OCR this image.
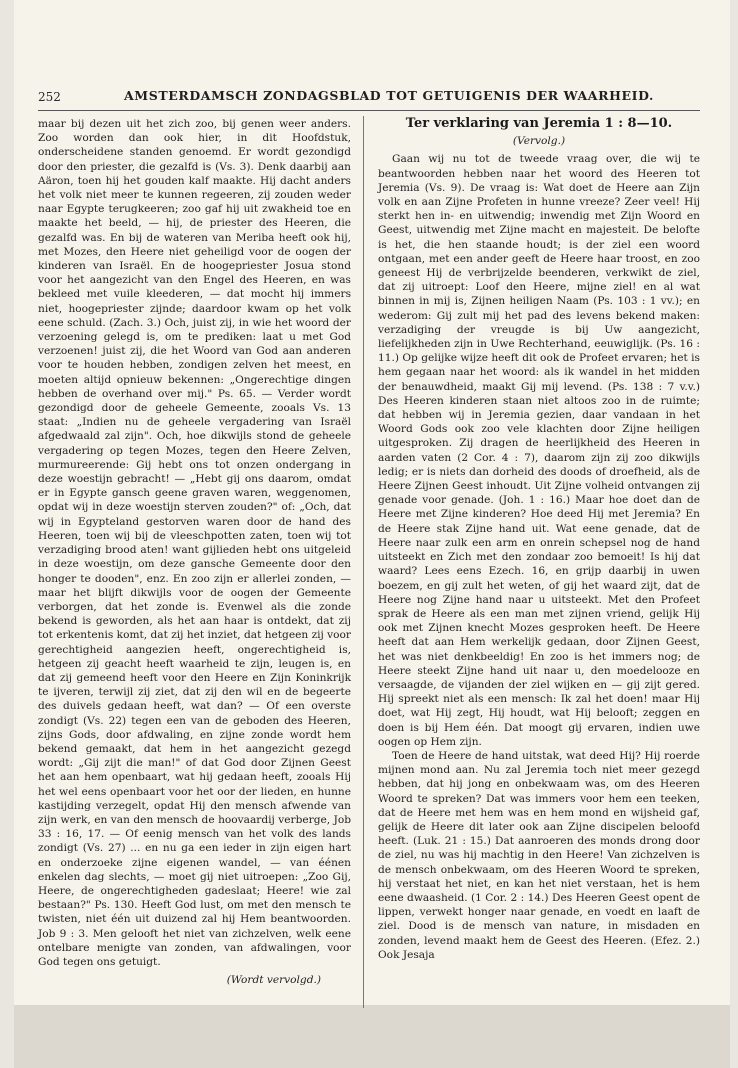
252	AMSTERDAMSCH ZONDAGSBLAD TOT GETUIGENIS DER WAARHEID.

maar bij dezen uit het zich zoo, bij genen weer anders. Zoo worden dan ook hier, in dit Hoofdstuk, onderscheidene standen genoemd. Er wordt gezondigd door den priester, die gezalfd is (Vs. 3). Denk daarbij aan Aäron, toen hij het gouden kalf maakte. Hij dacht anders het volk niet meer te kunnen regeeren, zij zouden weder naar Egypte terugkeeren; zoo gaf hij uit zwakheid toe en maakte het beeld, — hij, de priester des Heeren, die gezalfd was. En bij de wateren van Meriba heeft ook hij, met Mozes, den Heere niet geheiligd voor de oogen der kinderen van Israël. En de hoogepriester Josua stond voor het aangezicht van den Engel des Heeren, en was bekleed met vuile kleederen, — dat mocht hij immers niet, hoogepriester zijnde; daardoor kwam op het volk eene schuld. (Zach. 3.) Och, juist zij, in wie het woord der verzoening gelegd is, om te prediken: laat u met God verzoenen! juist zij, die het Woord van God aan anderen voor te houden hebben, zondigen zelven het meest, en moeten altijd opnieuw bekennen: „Ongerechtige dingen hebben de overhand over mij." Ps. 65. — Verder wordt gezondigd door de geheele Gemeente, zooals Vs. 13 staat: „Indien nu de geheele vergadering van Israël afgedwaald zal zijn". Och, hoe dikwijls stond de geheele vergadering op tegen Mozes, tegen den Heere Zelven, murmureerende: Gij hebt ons tot onzen ondergang in deze woestijn gebracht! — „Hebt gij ons daarom, omdat er in Egypte gansch geene graven waren, weggenomen, opdat wij in deze woestijn sterven zouden?" of: „Och, dat wij in Egypteland gestorven waren door de hand des Heeren, toen wij bij de vleeschpotten zaten, toen wij tot verzadiging brood aten! want gijlieden hebt ons uitgeleid in deze woestijn, om deze gansche Gemeente door den honger te dooden", enz. En zoo zijn er allerlei zonden, — maar het blijft dikwijls voor de oogen der Gemeente verborgen, dat het zonde is. Evenwel als die zonde bekend is geworden, als het aan haar is ontdekt, dat zij tot erkentenis komt, dat zij het inziet, dat hetgeen zij voor gerechtigheid aangezien heeft, ongerechtigheid is, hetgeen zij geacht heeft waarheid te zijn, leugen is, en dat zij gemeend heeft voor den Heere en Zijn Koninkrijk te ijveren, terwijl zij ziet, dat zij den wil en de begeerte des duivels gedaan heeft, wat dan? — Of een overste zondigt (Vs. 22) tegen een van de geboden des Heeren, zijns Gods, door afdwaling, en zijne zonde wordt hem bekend gemaakt, dat hem in het aangezicht gezegd wordt: „Gij zijt die man!" of dat God door Zijnen Geest het aan hem openbaart, wat hij gedaan heeft, zooals Hij het wel eens openbaart voor het oor der lieden, en hunne kastijding verzegelt, opdat Hij den mensch afwende van zijn werk, en van den mensch de hoovaardij verberge, Job 33 : 16, 17. — Of eenig mensch van het volk des lands zondigt (Vs. 27) ... en nu ga een ieder in zijn eigen hart en onderzoeke zijne eigenen wandel, — van éénen enkelen dag slechts, — moet gij niet uitroepen: „Zoo Gij, Heere, de ongerechtigheden gadeslaat; Heere! wie zal bestaan?" Ps. 130. Heeft God lust, om met den mensch te twisten, niet één uit duizend zal hij Hem beantwoorden. Job 9 : 3. Men gelooft het niet van zichzelven, welk eene ontelbare menigte van zonden, van afdwalingen, voor God tegen ons getuigt.

(Wordt vervolgd.)

Ter verklaring van Jeremia 1 : 8—10.

(Vervolg.)

Gaan wij nu tot de tweede vraag over, die wij te beantwoorden hebben naar het woord des Heeren tot Jeremia (Vs. 9). De vraag is: Wat doet de Heere aan Zijn volk en aan Zijne Profeten in hunne vreeze? Zeer veel! Hij sterkt hen in- en uitwendig; inwendig met Zijn Woord en Geest, uitwendig met Zijne macht en majesteit. De belofte is het, die hen staande houdt; is der ziel een woord ontgaan, met een ander geeft de Heere haar troost, en zoo geneest Hij de verbrijzelde beenderen, verkwikt de ziel, dat zij uitroept: Loof den Heere, mijne ziel! en al wat binnen in mij is, Zijnen heiligen Naam (Ps. 103 : 1 vv.); en wederom: Gij zult mij het pad des levens bekend maken: verzadiging der vreugde is bij Uw aangezicht, liefelijkheden zijn in Uwe Rechterhand, eeuwiglijk. (Ps. 16 : 11.) Op gelijke wijze heeft dit ook de Profeet ervaren; het is hem gegaan naar het woord: als ik wandel in het midden der benauwdheid, maakt Gij mij levend. (Ps. 138 : 7 v.v.) Des Heeren kinderen staan niet altoos zoo in de ruimte; dat hebben wij in Jeremia gezien, daar vandaan in het Woord Gods ook zoo vele klachten door Zijne heiligen uitgesproken. Zij dragen de heerlijkheid des Heeren in aarden vaten (2 Cor. 4 : 7), daarom zijn zij zoo dikwijls ledig; er is niets dan dorheid des doods of droefheid, als de Heere Zijnen Geest inhoudt. Uit Zijne volheid ontvangen zij genade voor genade. (Joh. 1 : 16.) Maar hoe doet dan de Heere met Zijne kinderen? Hoe deed Hij met Jeremia? En de Heere stak Zijne hand uit. Wat eene genade, dat de Heere naar zulk een arm en onrein schepsel nog de hand uitsteekt en Zich met den zondaar zoo bemoeit! Is hij dat waard? Lees eens Ezech. 16, en grijp daarbij in uwen boezem, en gij zult het weten, of gij het waard zijt, dat de Heere nog Zijne hand naar u uitsteekt. Met den Profeet sprak de Heere als een man met zijnen vriend, gelijk Hij ook met Zijnen knecht Mozes gesproken heeft. De Heere heeft dat aan Hem werkelijk gedaan, door Zijnen Geest, het was niet denkbeeldig! En zoo is het immers nog; de Heere steekt Zijne hand uit naar u, den moedelooze en versaagde, de vijanden der ziel wijken en — gij zijt gered. Hij spreekt niet als een mensch: Ik zal het doen! maar Hij doet, wat Hij zegt, Hij houdt, wat Hij belooft; zeggen en doen is bij Hem één. Dat moogt gij ervaren, indien uwe oogen op Hem zijn.

Toen de Heere de hand uitstak, wat deed Hij? Hij roerde mijnen mond aan. Nu zal Jeremia toch niet meer gezegd hebben, dat hij jong en onbekwaam was, om des Heeren Woord te spreken? Dat was immers voor hem een teeken, dat de Heere met hem was en hem mond en wijsheid gaf, gelijk de Heere dit later ook aan Zijne discipelen beloofd heeft. (Luk. 21 : 15.) Dat aanroeren des monds drong door de ziel, nu was hij machtig in den Heere! Van zichzelven is de mensch onbekwaam, om des Heeren Woord te spreken, hij verstaat het niet, en kan het niet verstaan, het is hem eene dwaasheid. (1 Cor. 2 : 14.) Des Heeren Geest opent de lippen, verwekt honger naar genade, en voedt en laaft de ziel. Dood is de mensch van nature, in misdaden en zonden, levend maakt hem de Geest des Heeren. (Efez. 2.) Ook Jesaja
